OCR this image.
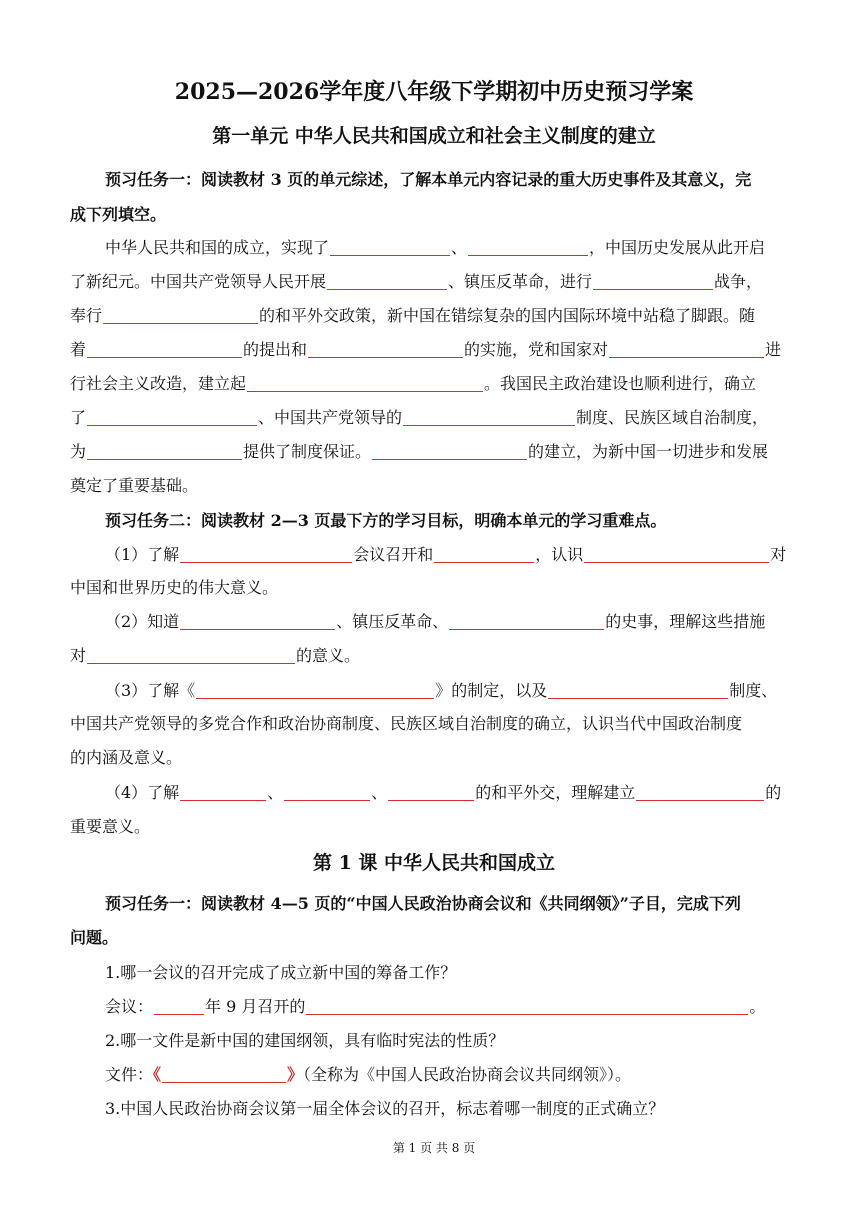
2025—2026学年度八年级下学期初中历史预习学案
第一单元 中华人民共和国成立和社会主义制度的建立
预习任务一：阅读教材 3 页的单元综述，了解本单元内容记录的重大历史事件及其意义，完
成下列填空。
中华人民共和国的成立，实现了	、	，中国历史发展从此开启
了新纪元。中国共产党领导人民开展	、镇压反革命，进行	战争，
奉行	的和平外交政策，新中国在错综复杂的国内国际环境中站稳了脚跟。随
着	的提出和	的实施，党和国家对	进
行社会主义改造，建立起	。我国民主政治建设也顺利进行，确立
了	、中国共产党领导的	制度、民族区域自治制度，
为	提供了制度保证。	的建立，为新中国一切进步和发展
奠定了重要基础。
预习任务二：阅读教材 2—3 页最下方的学习目标，明确本单元的学习重难点。
（1）了解	会议召开和	，认识	对
中国和世界历史的伟大意义。
（2）知道	、镇压反革命、	的史事，理解这些措施
对	的意义。
（3）了解《	》的制定，以及	制度、
中国共产党领导的多党合作和政治协商制度、民族区域自治制度的确立，认识当代中国政治制度
的内涵及意义。
（4）了解	、	、	的和平外交，理解建立	的
重要意义。
第 1 课 中华人民共和国成立
预习任务一：阅读教材 4—5 页的“中国人民政治协商会议和《共同纲领》”子目，完成下列
问题。
1.哪一会议的召开完成了成立新中国的筹备工作？
会议：	年 9 月召开的	。
2.哪一文件是新中国的建国纲领，具有临时宪法的性质？
文件：《	》（全称为《中国人民政治协商会议共同纲领》）。
3.中国人民政治协商会议第一届全体会议的召开，标志着哪一制度的正式确立？
第 1 页 共 8 页
